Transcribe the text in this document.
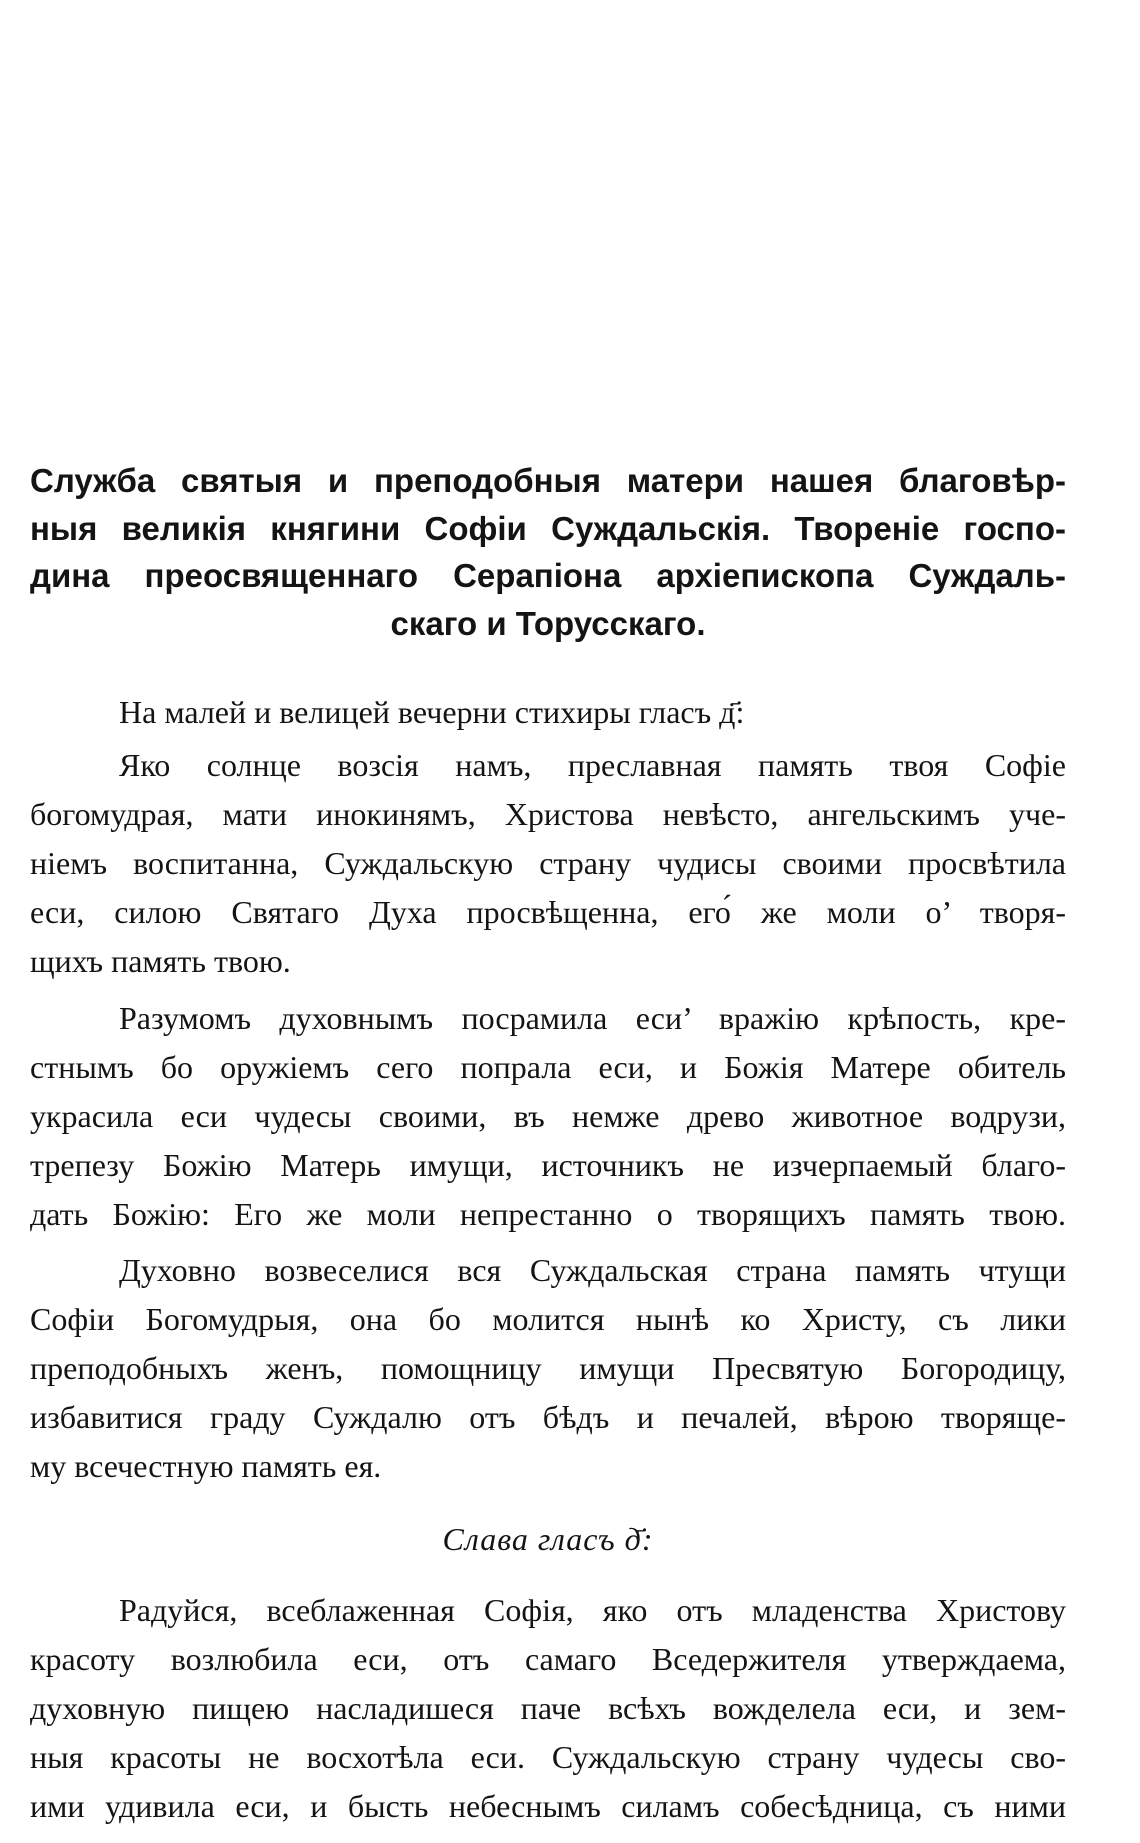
Служба святыя и преподобныя матери нашея благовѣр-
ныя великія княгини Софіи Суждальскія. Твореніе госпо-
дина преосвященнаго Серапіона архіепископа Суждаль-
скаго и Торусскаго.
На малей и велицей вечерни стихиры гласъ д҃:
Яко солнце возсія намъ, преславная память твоя Софіе
богомудрая, мати инокинямъ, Христова невѣсто, ангельскимъ уче-
ніемъ воспитанна, Суждальскую страну чудисы своими просвѣтила
еси, силою Святаго Духа просвѣщенна, его́ же моли о’ творя-
щихъ память твою.
Разумомъ духовнымъ посрамила еси’ вражію крѣпость, кре-
стнымъ бо оружіемъ сего попрала еси, и Божія Матере обитель
украсила еси чудесы своими, въ немже древо животное водрузи,
трепезу Божію Матерь имущи, источникъ не изчерпаемый благо-
дать Божію: Его же моли непрестанно о творящихъ память твою.
Духовно возвеселися вся Суждальская страна память чтущи
Софіи Богомудрыя, она бо молится нынѣ ко Христу, съ лики
преподобныхъ женъ, помощницу имущи Пресвятую Богородицу,
избавитися граду Суждалю отъ бѣдъ и печалей, вѣрою творяще-
му всечестную память ея.
Слава гласъ д҃:
Радуйся, всеблаженная Софія, яко отъ младенства Христову
красоту возлюбила еси, отъ самаго Вседержителя утверждаема,
духовную пищею насладишеся паче всѣхъ вожделела еси, и зем-
ныя красоты не восхотѣла еси. Суждальскую страну чудесы сво-
ими удивила еси, и бысть небеснымъ силамъ собесѣдница, съ ними
